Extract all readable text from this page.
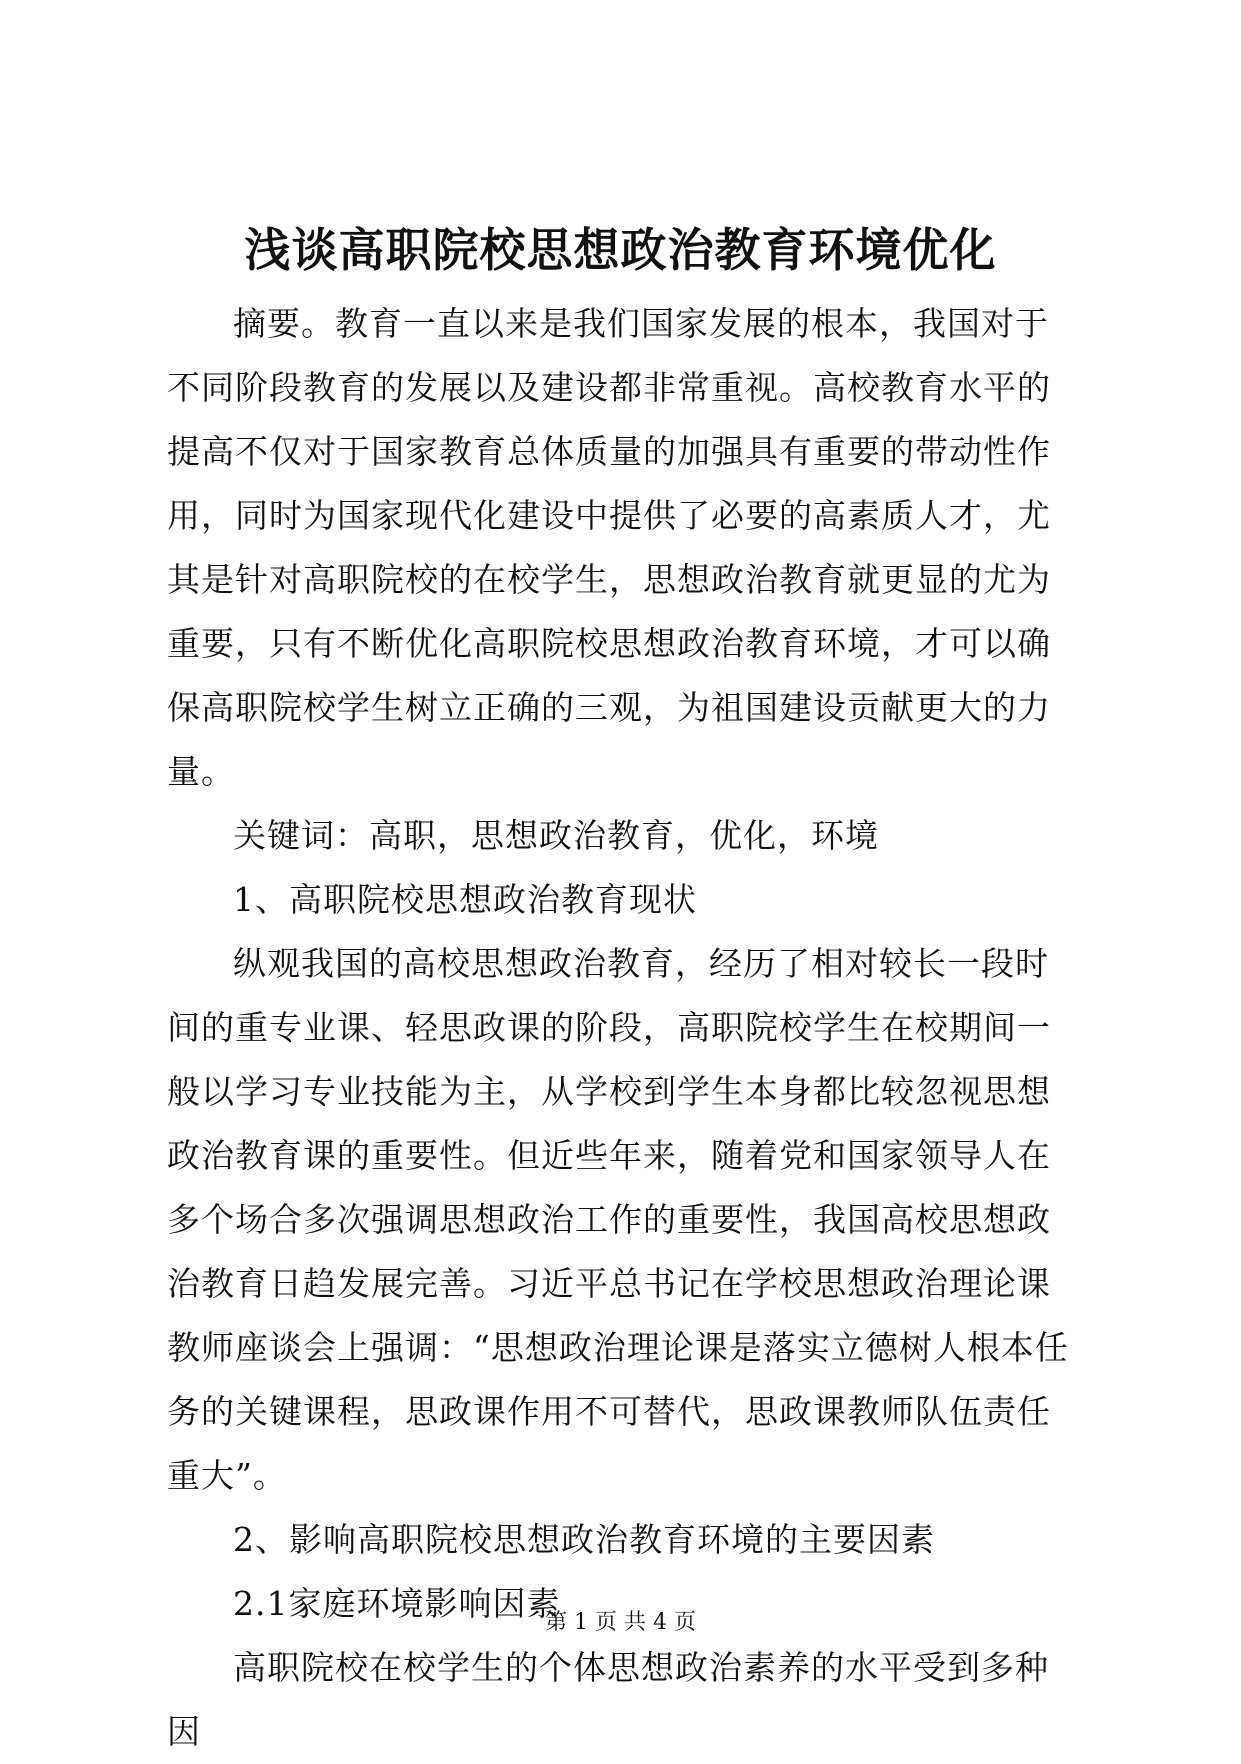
浅谈高职院校思想政治教育环境优化

摘要。教育一直以来是我们国家发展的根本，我国对于不同阶段教育的发展以及建设都非常重视。高校教育水平的提高不仅对于国家教育总体质量的加强具有重要的带动性作用，同时为国家现代化建设中提供了必要的高素质人才，尤其是针对高职院校的在校学生，思想政治教育就更显的尤为重要，只有不断优化高职院校思想政治教育环境，才可以确保高职院校学生树立正确的三观，为祖国建设贡献更大的力量。

关键词：高职，思想政治教育，优化，环境

1、高职院校思想政治教育现状

纵观我国的高校思想政治教育，经历了相对较长一段时间的重专业课、轻思政课的阶段，高职院校学生在校期间一般以学习专业技能为主，从学校到学生本身都比较忽视思想政治教育课的重要性。但近些年来，随着党和国家领导人在多个场合多次强调思想政治工作的重要性，我国高校思想政治教育日趋发展完善。习近平总书记在学校思想政治理论课教师座谈会上强调：“思想政治理论课是落实立德树人根本任务的关键课程，思政课作用不可替代，思政课教师队伍责任重大”。

2、影响高职院校思想政治教育环境的主要因素

2.1家庭环境影响因素

高职院校在校学生的个体思想政治素养的水平受到多种因

第 1 页 共 4 页
